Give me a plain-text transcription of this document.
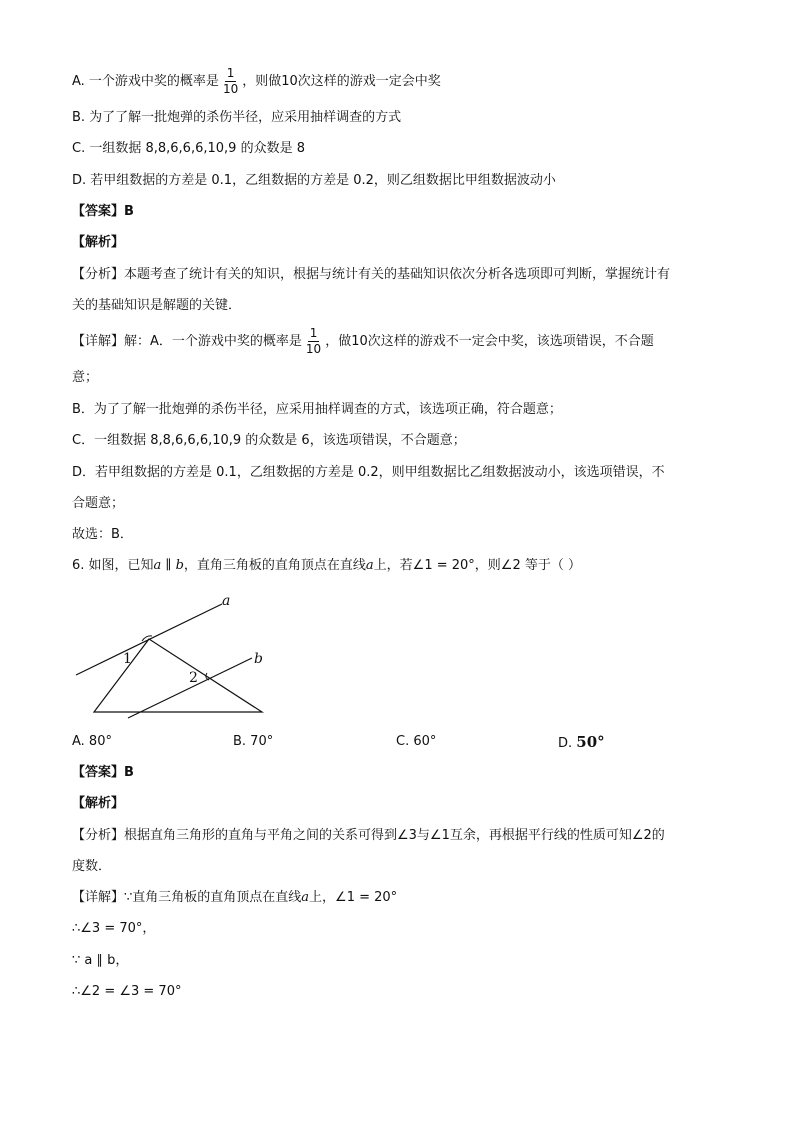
A. 一个游戏中奖的概率是 $\frac{1}{10}$ ，则做10次这样的游戏一定会中奖
B. 为了了解一批炮弹的杀伤半径，应采用抽样调查的方式
C. 一组数据 8,8,6,6,6,10,9 的众数是 8
D. 若甲组数据的方差是 0.1，乙组数据的方差是 0.2，则乙组数据比甲组数据波动小
【答案】B
【解析】
【分析】本题考查了统计有关的知识，根据与统计有关的基础知识依次分析各选项即可判断，掌握统计有
关的基础知识是解题的关键．
【详解】解：A．一个游戏中奖的概率是 $\frac{1}{10}$ ，做10次这样的游戏不一定会中奖，该选项错误，不合题
意；
B．为了了解一批炮弹的杀伤半径，应采用抽样调查的方式，该选项正确，符合题意；
C．一组数据 8,8,6,6,6,10,9 的众数是 6，该选项错误，不合题意；
D．若甲组数据的方差是 0.1，乙组数据的方差是 0.2，则甲组数据比乙组数据波动小，该选项错误，不
合题意；
故选：B．
6. 如图，已知a ∥ b，直角三角板的直角顶点在直线a上，若∠1 = 20°，则∠2 等于（ ）
a
b
1
2
A. 80°	B. 70°	C. 60°	D. 50°
【答案】B
【解析】
【分析】根据直角三角形的直角与平角之间的关系可得到∠3与∠1互余，再根据平行线的性质可知∠2的
度数．
【详解】∵直角三角板的直角顶点在直线a上，∠1 = 20°
∴∠3 = 70°，
∵ a ∥ b，
∴∠2 = ∠3 = 70°
